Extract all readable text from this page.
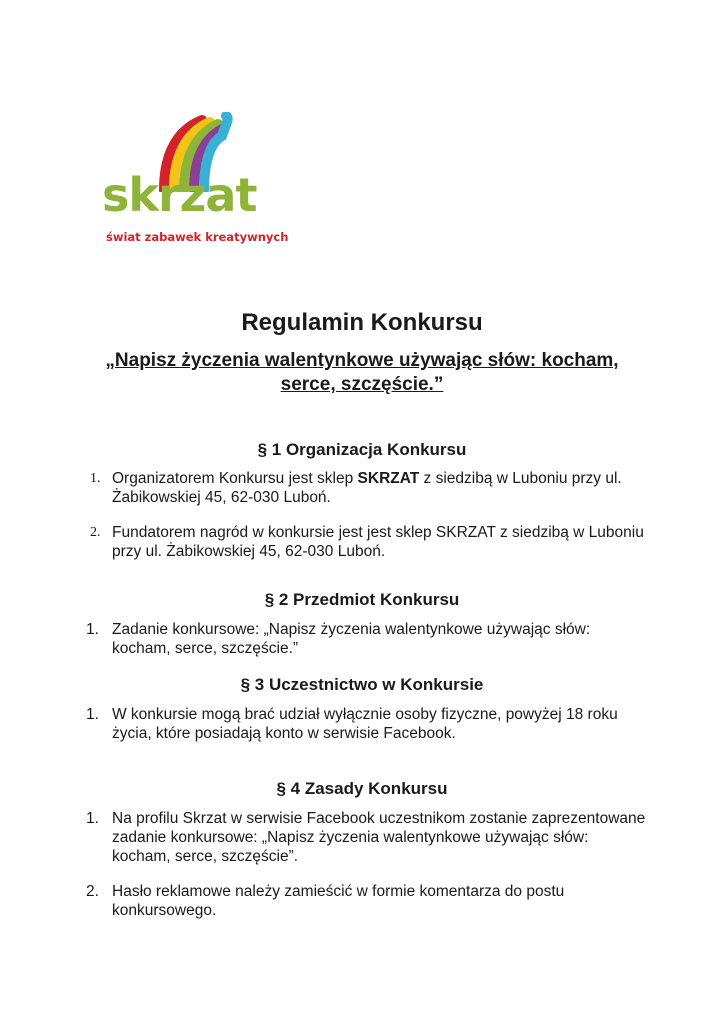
skrzat
świat zabawek kreatywnych
Regulamin Konkursu

„Napisz życzenia walentynkowe używając słów: kocham, serce, szczęście.”

§ 1 Organizacja Konkursu
1. Organizatorem Konkursu jest sklep SKRZAT z siedzibą w Luboniu przy ul. Żabikowskiej 45, 62-030 Luboń.
2. Fundatorem nagród w konkursie jest jest sklep SKRZAT z siedzibą w Luboniu przy ul. Żabikowskiej 45, 62-030 Luboń.
§ 2 Przedmiot Konkursu
1. Zadanie konkursowe: „Napisz życzenia walentynkowe używając słów: kocham, serce, szczęście.”
§ 3 Uczestnictwo w Konkursie
1. W konkursie mogą brać udział wyłącznie osoby fizyczne, powyżej 18 roku życia, które posiadają konto w serwisie Facebook.
§ 4 Zasady Konkursu
1. Na profilu Skrzat w serwisie Facebook uczestnikom zostanie zaprezentowane zadanie konkursowe: „Napisz życzenia walentynkowe używając słów: kocham, serce, szczęście”.
2. Hasło reklamowe należy zamieścić w formie komentarza do postu konkursowego.
